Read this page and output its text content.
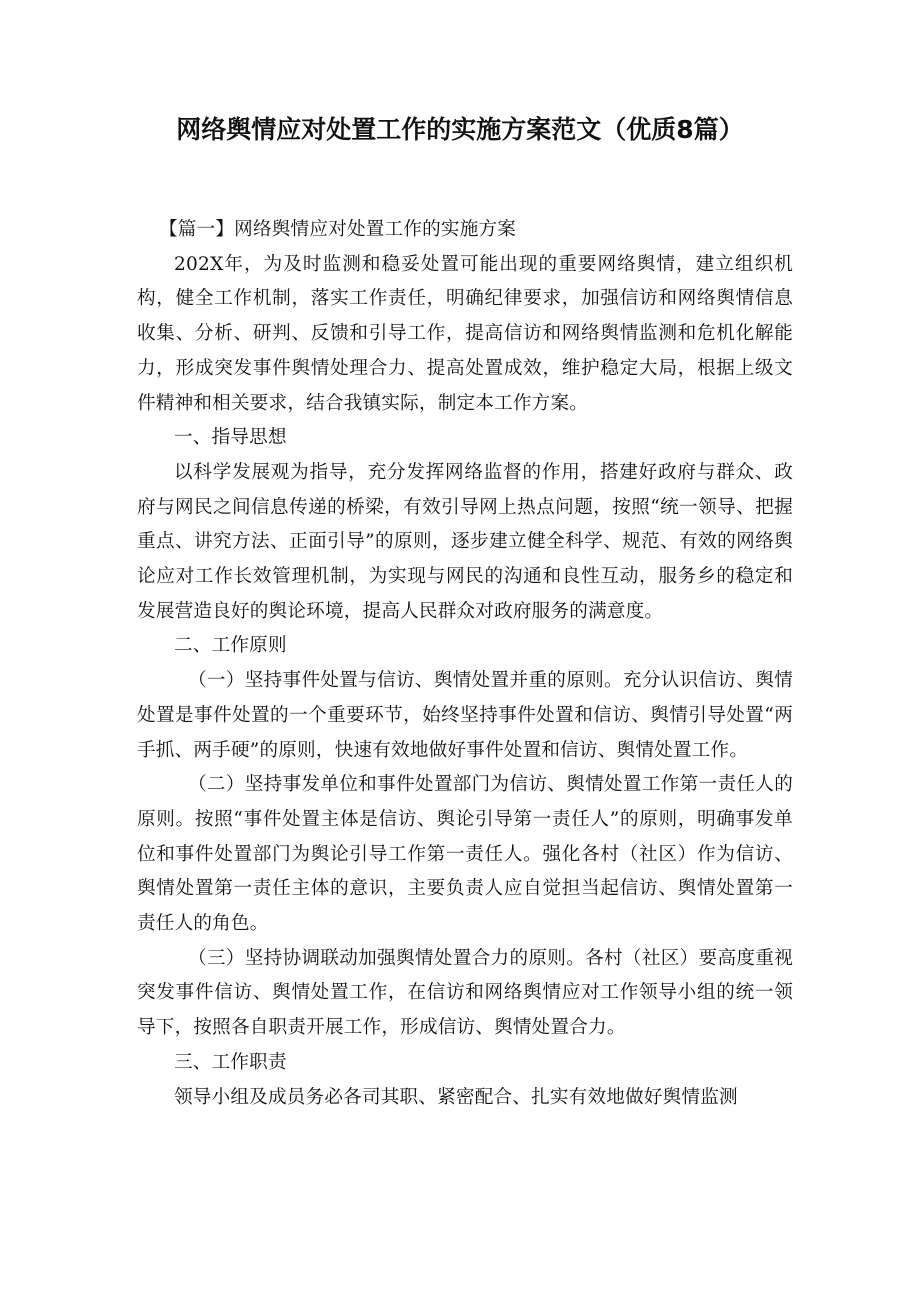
网络舆情应对处置工作的实施方案范文（优质8篇）

【篇一】网络舆情应对处置工作的实施方案

202X年，为及时监测和稳妥处置可能出现的重要网络舆情，建立组织机构，健全工作机制，落实工作责任，明确纪律要求，加强信访和网络舆情信息收集、分析、研判、反馈和引导工作，提高信访和网络舆情监测和危机化解能力，形成突发事件舆情处理合力、提高处置成效，维护稳定大局，根据上级文件精神和相关要求，结合我镇实际，制定本工作方案。

一、指导思想

以科学发展观为指导，充分发挥网络监督的作用，搭建好政府与群众、政府与网民之间信息传递的桥梁，有效引导网上热点问题，按照“统一领导、把握重点、讲究方法、正面引导”的原则，逐步建立健全科学、规范、有效的网络舆论应对工作长效管理机制，为实现与网民的沟通和良性互动，服务乡的稳定和发展营造良好的舆论环境，提高人民群众对政府服务的满意度。

二、工作原则

（一）坚持事件处置与信访、舆情处置并重的原则。充分认识信访、舆情处置是事件处置的一个重要环节，始终坚持事件处置和信访、舆情引导处置“两手抓、两手硬”的原则，快速有效地做好事件处置和信访、舆情处置工作。

（二）坚持事发单位和事件处置部门为信访、舆情处置工作第一责任人的原则。按照“事件处置主体是信访、舆论引导第一责任人”的原则，明确事发单位和事件处置部门为舆论引导工作第一责任人。强化各村（社区）作为信访、舆情处置第一责任主体的意识，主要负责人应自觉担当起信访、舆情处置第一责任人的角色。

（三）坚持协调联动加强舆情处置合力的原则。各村（社区）要高度重视突发事件信访、舆情处置工作，在信访和网络舆情应对工作领导小组的统一领导下，按照各自职责开展工作，形成信访、舆情处置合力。

三、工作职责

领导小组及成员务必各司其职、紧密配合、扎实有效地做好舆情监测
